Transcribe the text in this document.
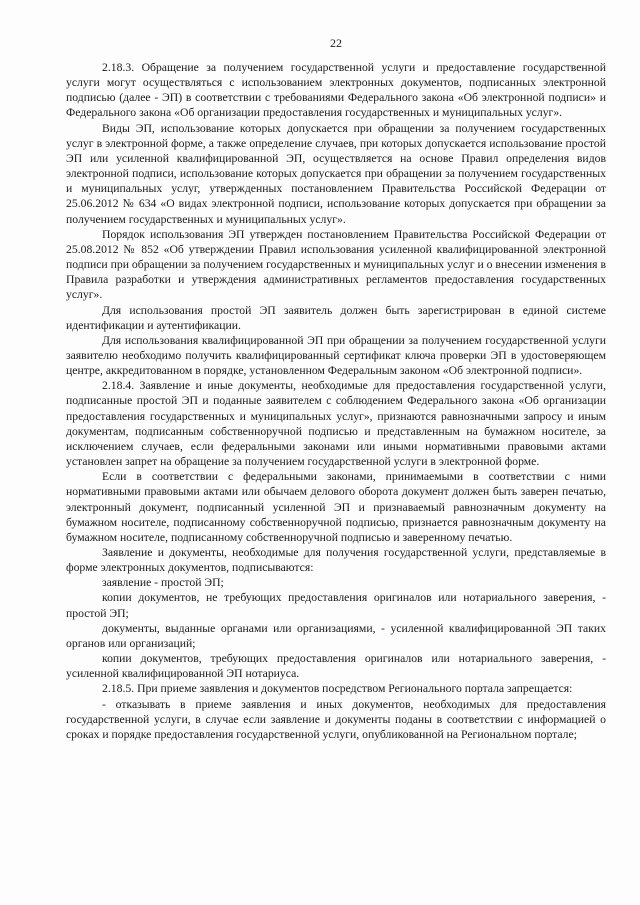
22

2.18.3. Обращение за получением государственной услуги и предоставление государственной услуги могут осуществляться с использованием электронных документов, подписанных электронной подписью (далее - ЭП) в соответствии с требованиями Федерального закона «Об электронной подписи» и Федерального закона «Об организации предоставления государственных и муниципальных услуг».

Виды ЭП, использование которых допускается при обращении за получением государственных услуг в электронной форме, а также определение случаев, при которых допускается использование простой ЭП или усиленной квалифицированной ЭП, осуществляется на основе Правил определения видов электронной подписи, использование которых допускается при обращении за получением государственных и муниципальных услуг, утвержденных постановлением Правительства Российской Федерации от 25.06.2012 № 634 «О видах электронной подписи, использование которых допускается при обращении за получением государственных и муниципальных услуг».

Порядок использования ЭП утвержден постановлением Правительства Российской Федерации от 25.08.2012 № 852 «Об утверждении Правил использования усиленной квалифицированной электронной подписи при обращении за получением государственных и муниципальных услуг и о внесении изменения в Правила разработки и утверждения административных регламентов предоставления государственных услуг».

Для использования простой ЭП заявитель должен быть зарегистрирован в единой системе идентификации и аутентификации.

Для использования квалифицированной ЭП при обращении за получением государственной услуги заявителю необходимо получить квалифицированный сертификат ключа проверки ЭП в удостоверяющем центре, аккредитованном в порядке, установленном Федеральным законом «Об электронной подписи».

2.18.4. Заявление и иные документы, необходимые для предоставления государственной услуги, подписанные простой ЭП и поданные заявителем с соблюдением Федерального закона «Об организации предоставления государственных и муниципальных услуг», признаются равнозначными запросу и иным документам, подписанным собственноручной подписью и представленным на бумажном носителе, за исключением случаев, если федеральными законами или иными нормативными правовыми актами установлен запрет на обращение за получением государственной услуги в электронной форме.

Если в соответствии с федеральными законами, принимаемыми в соответствии с ними нормативными правовыми актами или обычаем делового оборота документ должен быть заверен печатью, электронный документ, подписанный усиленной ЭП и признаваемый равнозначным документу на бумажном носителе, подписанному собственноручной подписью, признается равнозначным документу на бумажном носителе, подписанному собственноручной подписью и заверенному печатью.

Заявление и документы, необходимые для получения государственной услуги, представляемые в форме электронных документов, подписываются:

заявление - простой ЭП;

копии документов, не требующих предоставления оригиналов или нотариального заверения, - простой ЭП;

документы, выданные органами или организациями, - усиленной квалифицированной ЭП таких органов или организаций;

копии документов, требующих предоставления оригиналов или нотариального заверения, - усиленной квалифицированной ЭП нотариуса.

2.18.5. При приеме заявления и документов посредством Регионального портала запрещается:

- отказывать в приеме заявления и иных документов, необходимых для предоставления государственной услуги, в случае если заявление и документы поданы в соответствии с информацией о сроках и порядке предоставления государственной услуги, опубликованной на Региональном портале;
